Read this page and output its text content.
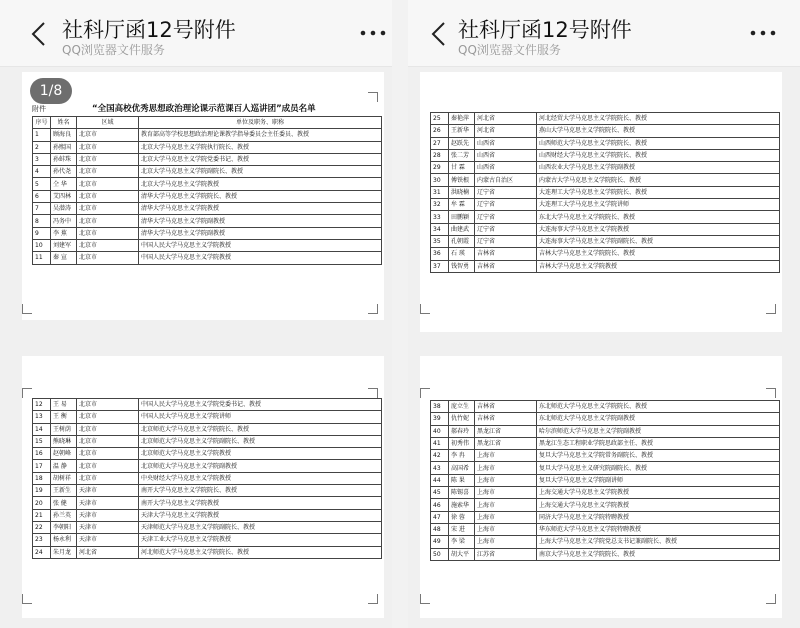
社科厅函12号附件
QQ浏览器文件服务
附件	“全国高校优秀思想政治理论课示范课百人巡讲团”成员名单
序号	姓名	区域	单位及职务、职称
1	顾海良	北京市	教育部高等学校思想政治理论课教学指导委员会主任委员、教授
2	孙熙国	北京市	北京大学马克思主义学院执行院长、教授
3	孙蚌珠	北京市	北京大学马克思主义学院党委书记、教授
4	孙代尧	北京市	北京大学马克思主义学院副院长、教授
5	仝 华	北京市	北京大学马克思主义学院教授
6	艾四林	北京市	清华大学马克思主义学院院长、教授
7	吴潜涛	北京市	清华大学马克思主义学院教授
8	冯务中	北京市	清华大学马克思主义学院副教授
9	李 蕉	北京市	清华大学马克思主义学院副教授
10	刘建军	北京市	中国人民大学马克思主义学院教授
11	秦 宣	北京市	中国人民大学马克思主义学院教授
1/8
12	王 易	北京市	中国人民大学马克思主义学院党委书记、教授
13	王 衡	北京市	中国人民大学马克思主义学院讲师
14	王树荫	北京市	北京师范大学马克思主义学院院长、教授
15	熊晓琳	北京市	北京师范大学马克思主义学院副院长、教授
16	赵朝峰	北京市	北京师范大学马克思主义学院教授
17	温 静	北京市	北京师范大学马克思主义学院副教授
18	胡树祥	北京市	中央财经大学马克思主义学院教授
19	王新生	天津市	南开大学马克思主义学院院长、教授
20	张 健	天津市	南开大学马克思主义学院教授
21	孙兰英	天津市	天津大学马克思主义学院教授
22	李朝阳	天津市	天津师范大学马克思主义学院副院长、教授
23	杨永利	天津市	天津工业大学马克思主义学院教授
24	朱月龙	河北省	河北师范大学马克思主义学院院长、教授
社科厅函12号附件
QQ浏览器文件服务
25	秦艳萍	河北省	河北经贸大学马克思主义学院院长、教授
26	王新华	河北省	燕山大学马克思主义学院院长、教授
27	赵跃先	山西省	山西师范大学马克思主义学院院长、教授
28	张二芳	山西省	山西财经大学马克思主义学院院长、教授
29	甘 霖	山西省	山西农业大学马克思主义学院副教授
30	傅铁根	内蒙古自治区	内蒙古大学马克思主义学院院长、教授
31	洪晓楠	辽宁省	大连理工大学马克思主义学院院长、教授
32	牟 霖	辽宁省	大连理工大学马克思主义学院讲师
33	田鹏颖	辽宁省	东北大学马克思主义学院院长、教授
34	曲建武	辽宁省	大连海事大学马克思主义学院教授
35	孔朝霞	辽宁省	大连海事大学马克思主义学院副院长、教授
36	石 瑛	吉林省	吉林大学马克思主义学院院长、教授
37	钱智勇	吉林省	吉林大学马克思主义学院教授
38	庞立生	吉林省	东北师范大学马克思主义学院院长、教授
39	仇竹妮	吉林省	东北师范大学马克思主义学院副教授
40	郝春玲	黑龙江省	哈尔滨师范大学马克思主义学院副教授
41	初秀伟	黑龙江省	黑龙江生态工程职业学院思政部主任、教授
42	李 冉	上海市	复旦大学马克思主义学院常务副院长、教授
43	高国希	上海市	复旦大学马克思主义研究院副院长、教授
44	陈 果	上海市	复旦大学马克思主义学院副讲师
45	陈锡喜	上海市	上海交通大学马克思主义学院教授
46	施索华	上海市	上海交通大学马克思主义学院教授
47	徐 蓉	上海市	同济大学马克思主义学院特聘教授
48	宋 进	上海市	华东师范大学马克思主义学院特聘教授
49	李 梁	上海市	上海大学马克思主义学院党总支书记兼副院长、教授
50	胡大平	江苏省	南京大学马克思主义学院院长、教授
